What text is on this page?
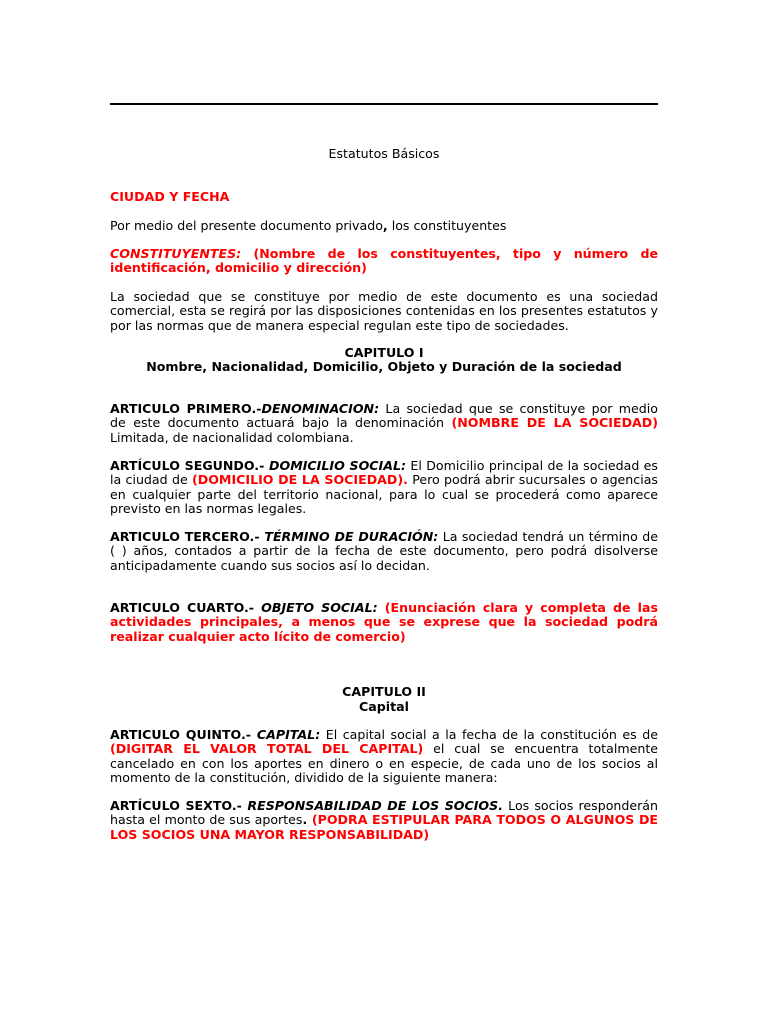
Estatutos Básicos

CIUDAD Y FECHA

Por medio del presente documento privado, los constituyentes

CONSTITUYENTES: (Nombre de los constituyentes, tipo y número de identificación, domicilio y dirección)

La sociedad que se constituye por medio de este documento es una sociedad comercial, esta se regirá por las disposiciones contenidas en los presentes estatutos y por las normas que de manera especial regulan este tipo de sociedades.

CAPITULO I

Nombre, Nacionalidad, Domicilio, Objeto y Duración de la sociedad

ARTICULO PRIMERO.-DENOMINACION: La sociedad que se constituye por medio de este documento actuará bajo la denominación (NOMBRE DE LA SOCIEDAD) Limitada, de nacionalidad colombiana.

ARTÍCULO SEGUNDO.- DOMICILIO SOCIAL: El Domicilio principal de la sociedad es la ciudad de (DOMICILIO DE LA SOCIEDAD). Pero podrá abrir sucursales o agencias en cualquier parte del territorio nacional, para lo cual se procederá como aparece previsto en las normas legales.

ARTICULO TERCERO.- TÉRMINO DE DURACIÓN: La sociedad tendrá un término de ( ) años, contados a partir de la fecha de este documento, pero podrá disolverse anticipadamente cuando sus socios así lo decidan.

ARTICULO CUARTO.- OBJETO SOCIAL: (Enunciación clara y completa de las actividades principales, a menos que se exprese que la sociedad podrá realizar cualquier acto lícito de comercio)

CAPITULO II

Capital

ARTICULO QUINTO.- CAPITAL: El capital social a la fecha de la constitución es de (DIGITAR EL VALOR TOTAL DEL CAPITAL) el cual se encuentra totalmente cancelado en con los aportes en dinero o en especie, de cada uno de los socios al momento de la constitución, dividido de la siguiente manera:

ARTÍCULO SEXTO.- RESPONSABILIDAD DE LOS SOCIOS. Los socios responderán hasta el monto de sus aportes. (PODRA ESTIPULAR PARA TODOS O ALGUNOS DE LOS SOCIOS UNA MAYOR RESPONSABILIDAD)
